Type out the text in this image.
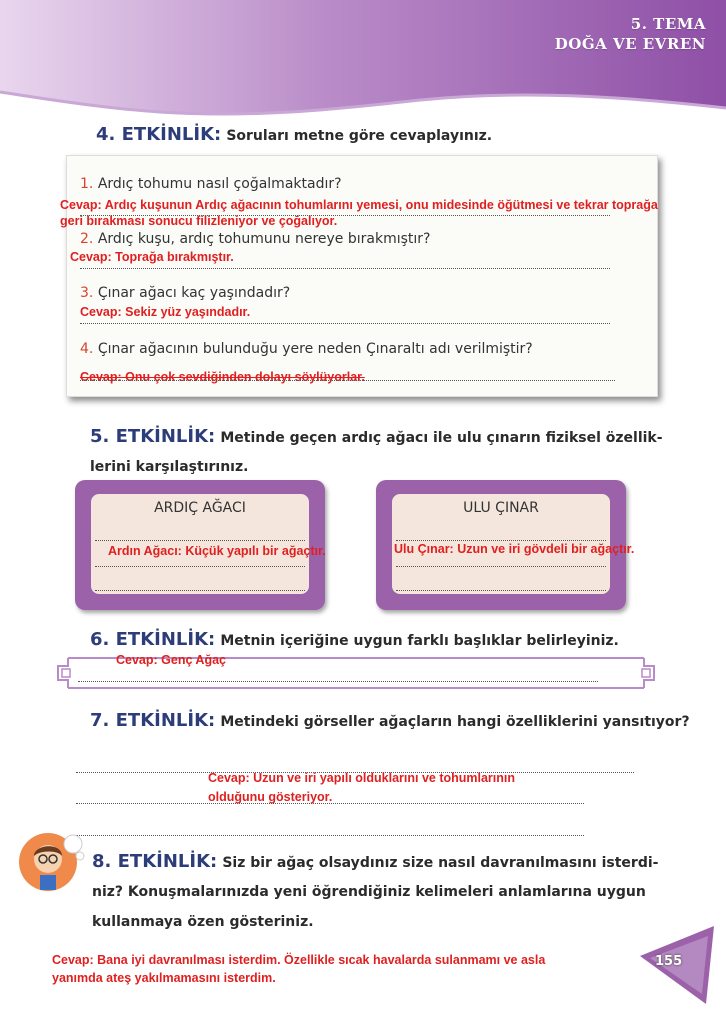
5. TEMA
DOĞA VE EVREN
4. ETKİNLİK: Soruları metne göre cevaplayınız.
1. Ardıç tohumu nasıl çoğalmaktadır?
Cevap: Ardıç kuşunun Ardıç ağacının tohumlarını yemesi, onu midesinde öğütmesi ve tekrar toprağa geri bırakması sonucu filizleniyor ve çoğalıyor.
2. Ardıç kuşu, ardıç tohumunu nereye bırakmıştır?
Cevap: Toprağa bırakmıştır.
3. Çınar ağacı kaç yaşındadır?
Cevap: Sekiz yüz yaşındadır.
4. Çınar ağacının bulunduğu yere neden Çınaraltı adı verilmiştir?
Cevap: Onu çok sevdiğinden dolayı söylüyorlar.
5. ETKİNLİK: Metinde geçen ardıç ağacı ile ulu çınarın fiziksel özellik-
lerini karşılaştırınız.
ARDIÇ AĞACI
Ardın Ağacı: Küçük yapılı bir ağaçtır.
ULU ÇINAR
Ulu Çınar: Uzun ve iri gövdeli bir ağaçtır.
6. ETKİNLİK: Metnin içeriğine uygun farklı başlıklar belirleyiniz.
Cevap: Genç Ağaç
7. ETKİNLİK: Metindeki görseller ağaçların hangi özelliklerini yansıtıyor?
Cevap: Uzun ve iri yapılı olduklarını ve tohumlarının
olduğunu gösteriyor.
8. ETKİNLİK: Siz bir ağaç olsaydınız size nasıl davranılmasını isterdi-
niz? Konuşmalarınızda yeni öğrendiğiniz kelimeleri anlamlarına uygun
kullanmaya özen gösteriniz.
Cevap: Bana iyi davranılması isterdim. Özellikle sıcak havalarda sulanmamı ve asla
yanımda ateş yakılmamasını isterdim.
155
